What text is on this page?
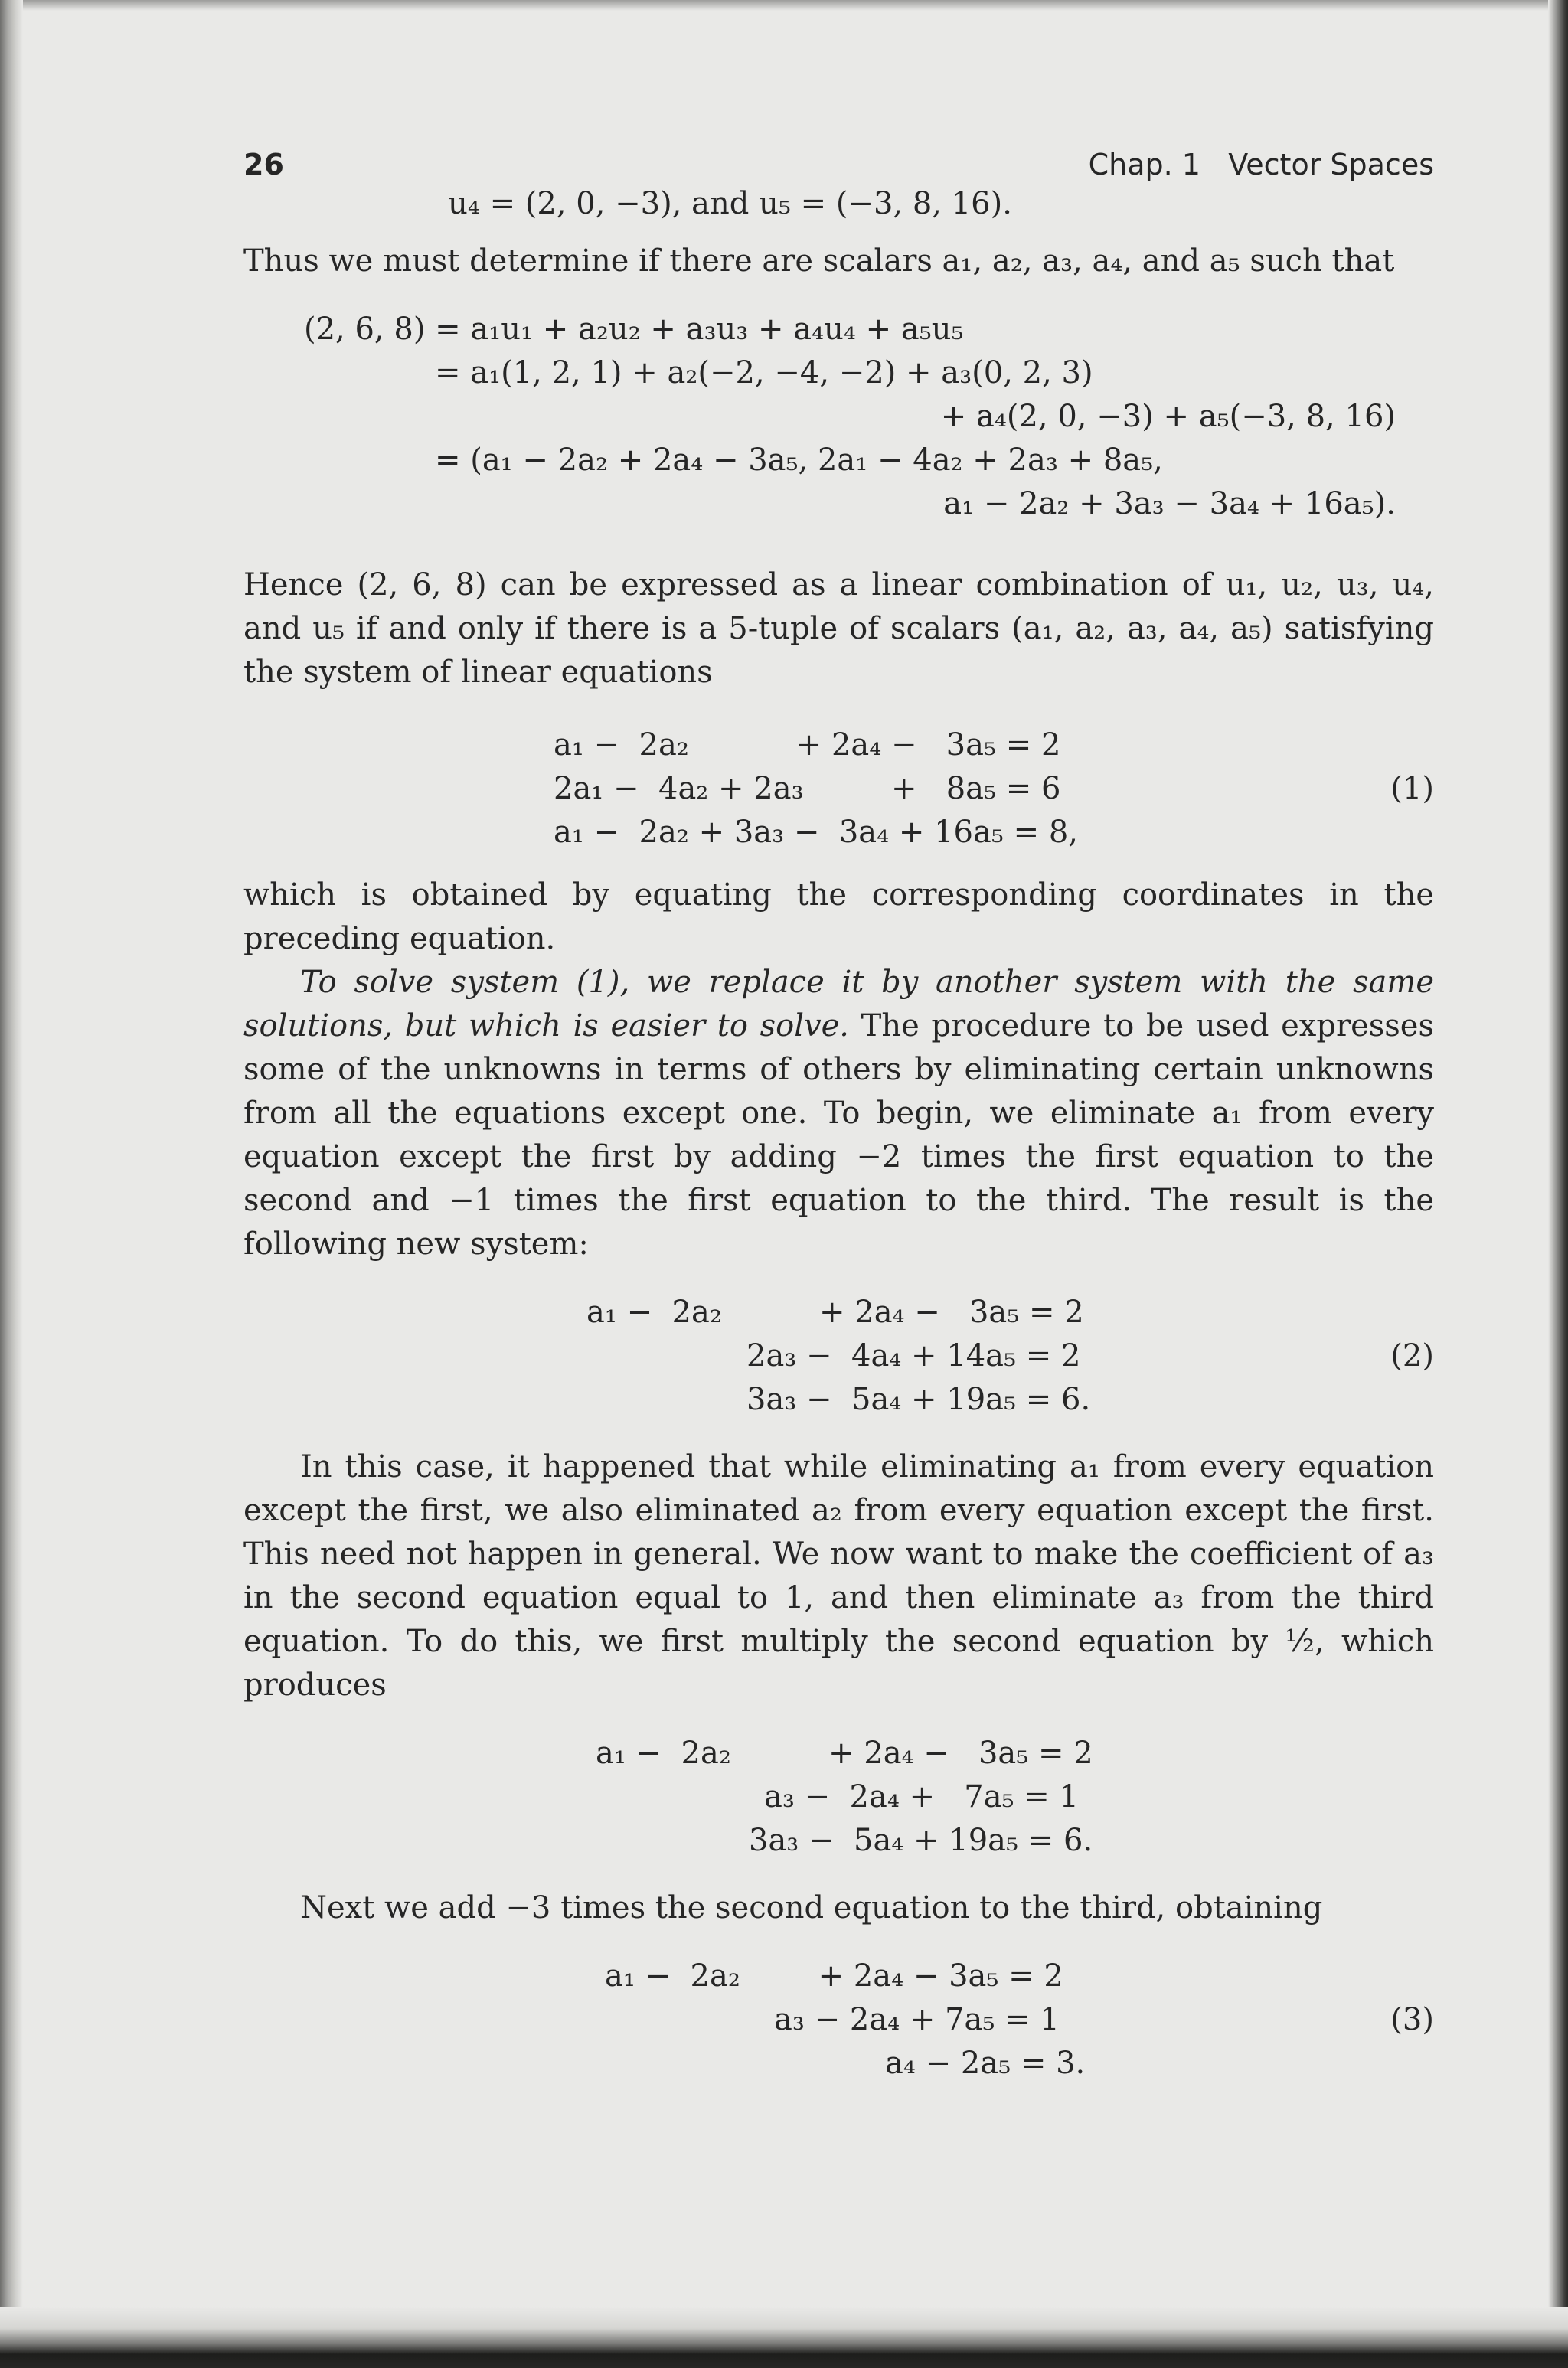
26	Chap. 1 Vector Spaces
u₄ = (2, 0, −3), and u₅ = (−3, 8, 16).

Thus we must determine if there are scalars a₁, a₂, a₃, a₄, and a₅ such that

(2, 6, 8) = a₁u₁ + a₂u₂ + a₃u₃ + a₄u₄ + a₅u₅
= a₁(1, 2, 1) + a₂(−2, −4, −2) + a₃(0, 2, 3)
+ a₄(2, 0, −3) + a₅(−3, 8, 16)
= (a₁ − 2a₂ + 2a₄ − 3a₅, 2a₁ − 4a₂ + 2a₃ + 8a₅,
a₁ − 2a₂ + 3a₃ − 3a₄ + 16a₅).

Hence (2, 6, 8) can be expressed as a linear combination of u₁, u₂, u₃, u₄, and u₅ if and only if there is a 5-tuple of scalars (a₁, a₂, a₃, a₄, a₅) satisfying the system of linear equations

a₁ −  2a₂           + 2a₄ −   3a₅ = 2
2a₁ −  4a₂ + 2a₃         +   8a₅ = 6
a₁ −  2a₂ + 3a₃ −  3a₄ + 16a₅ = 8,
(1)

which is obtained by equating the corresponding coordinates in the preceding equation.

To solve system (1), we replace it by another system with the same solutions, but which is easier to solve. The procedure to be used expresses some of the unknowns in terms of others by eliminating certain unknowns from all the equations except one. To begin, we eliminate a₁ from every equation except the first by adding −2 times the first equation to the second and −1 times the first equation to the third. The result is the following new system:

a₁ −  2a₂          + 2a₄ −   3a₅ = 2
2a₃ −  4a₄ + 14a₅ = 2
3a₃ −  5a₄ + 19a₅ = 6.
(2)

In this case, it happened that while eliminating a₁ from every equation except the first, we also eliminated a₂ from every equation except the first. This need not happen in general. We now want to make the coefficient of a₃ in the second equation equal to 1, and then eliminate a₃ from the third equation. To do this, we first multiply the second equation by ½, which produces

a₁ −  2a₂          + 2a₄ −   3a₅ = 2
a₃ −  2a₄ +   7a₅ = 1
3a₃ −  5a₄ + 19a₅ = 6.

Next we add −3 times the second equation to the third, obtaining

a₁ −  2a₂        + 2a₄ − 3a₅ = 2
a₃ − 2a₄ + 7a₅ = 1
a₄ − 2a₅ = 3.
(3)
